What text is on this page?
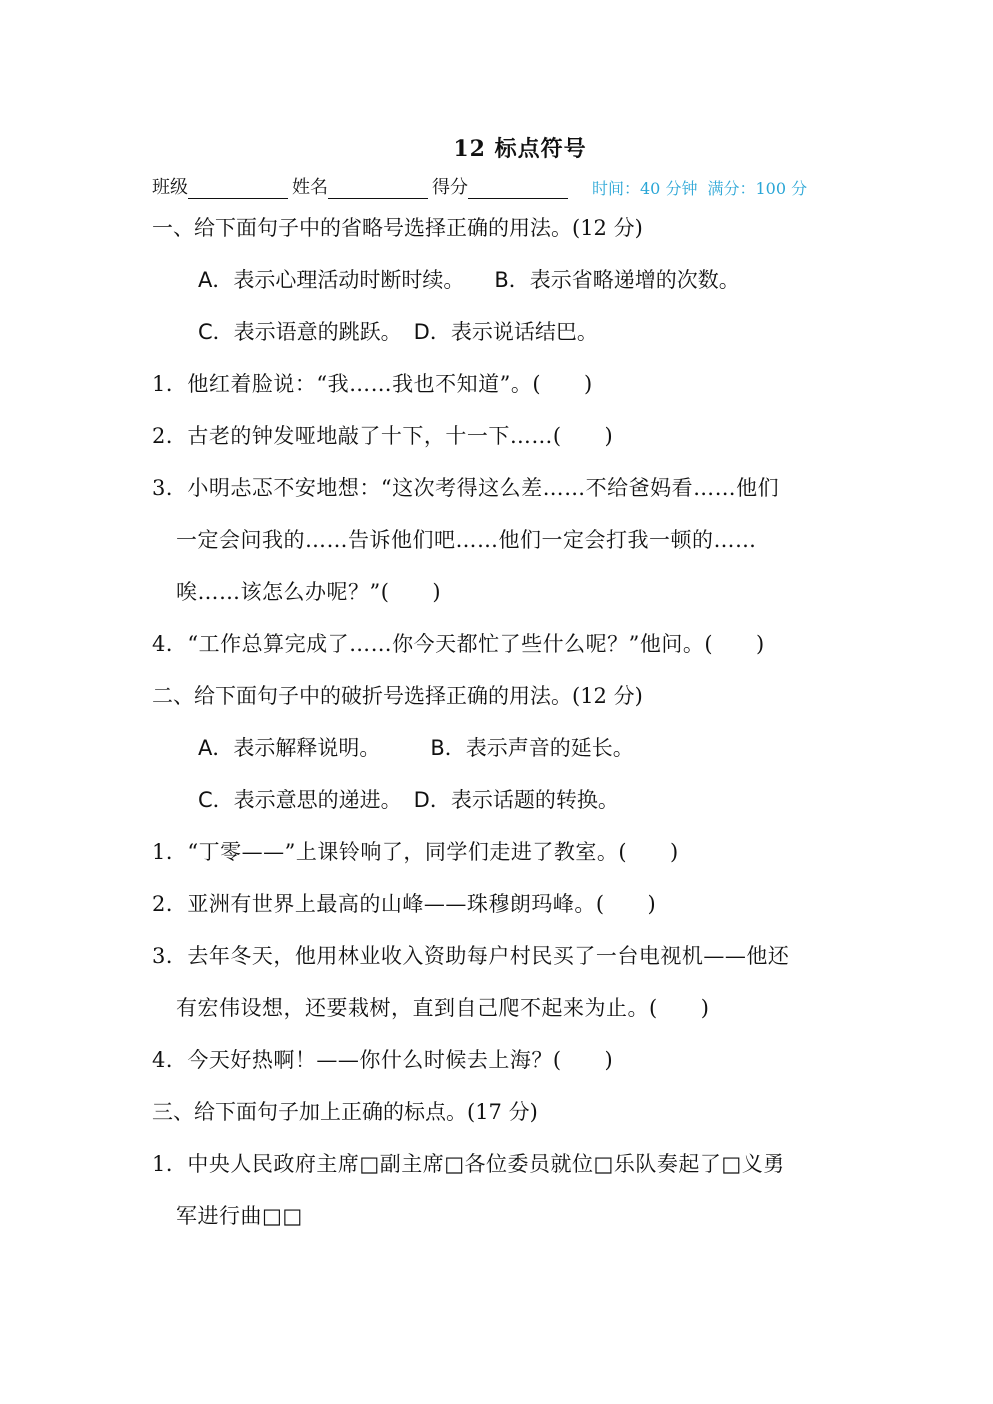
12 标点符号
班级	姓名	得分	时间：40 分钟 满分：100 分
一、给下面句子中的省略号选择正确的用法。(12 分)
A．表示心理活动时断时续。 B．表示省略递增的次数。
C．表示语意的跳跃。 D．表示说话结巴。
1．他红着脸说：“我……我也不知道”。(　　)
2．古老的钟发哑地敲了十下，十一下……(　　)
3．小明忐忑不安地想：“这次考得这么差……不给爸妈看……他们
一定会问我的……告诉他们吧……他们一定会打我一顿的……
唉……该怎么办呢？”(　　)
4．“工作总算完成了……你今天都忙了些什么呢？”他问。(　　)
二、给下面句子中的破折号选择正确的用法。(12 分)
A．表示解释说明。 B．表示声音的延长。
C．表示意思的递进。 D．表示话题的转换。
1．“丁零——”上课铃响了，同学们走进了教室。(　　)
2．亚洲有世界上最高的山峰——珠穆朗玛峰。(　　)
3．去年冬天，他用林业收入资助每户村民买了一台电视机——他还
有宏伟设想，还要栽树，直到自己爬不起来为止。(　　)
4．今天好热啊！——你什么时候去上海？(　　)
三、给下面句子加上正确的标点。(17 分)
1．中央人民政府主席□副主席□各位委员就位□乐队奏起了□义勇
军进行曲□□
